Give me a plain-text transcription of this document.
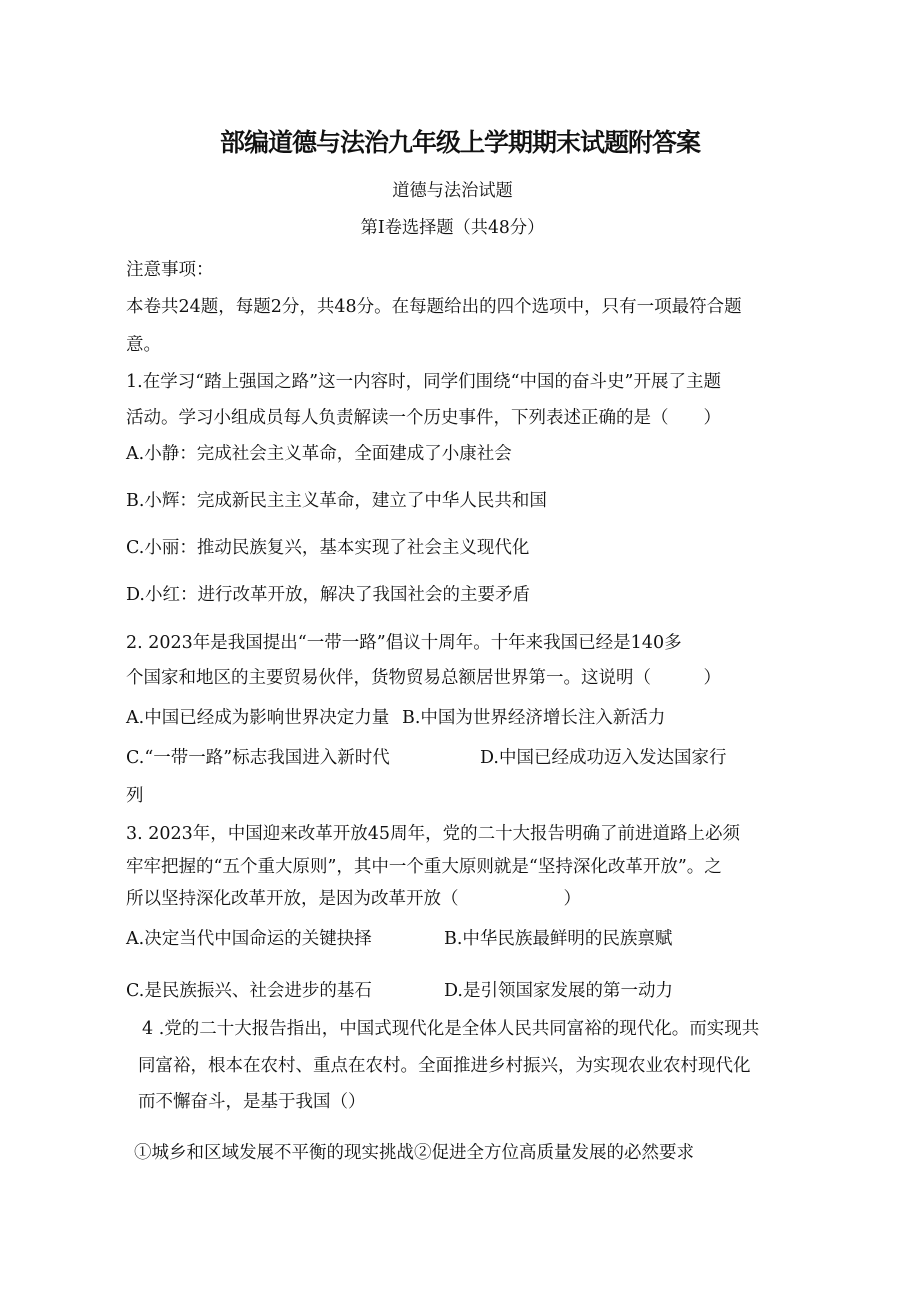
部编道德与法治九年级上学期期末试题附答案
道德与法治试题
第Ⅰ卷选择题（共48分）
注意事项：
本卷共24题，每题2分，共48分。在每题给出的四个选项中，只有一项最符合题
意。
1.在学习“踏上强国之路”这一内容时，同学们围绕“中国的奋斗史”开展了主题
活动。学习小组成员每人负责解读一个历史事件，下列表述正确的是（　　）
A.小静：完成社会主义革命，全面建成了小康社会
B.小辉：完成新民主主义革命，建立了中华人民共和国
C.小丽：推动民族复兴，基本实现了社会主义现代化
D.小红：进行改革开放，解决了我国社会的主要矛盾
2. 2023年是我国提出“一带一路”倡议十周年。十年来我国已经是140多
个国家和地区的主要贸易伙伴，货物贸易总额居世界第一。这说明（　　　）
A.中国已经成为影响世界决定力量 B.中国为世界经济增长注入新活力
C.“一带一路”标志我国进入新时代	D.中国已经成功迈入发达国家行
列
3. 2023年，中国迎来改革开放45周年，党的二十大报告明确了前进道路上必须
牢牢把握的“五个重大原则”，其中一个重大原则就是“坚持深化改革开放”。之
所以坚持深化改革开放，是因为改革开放（　　　　　　）
A.决定当代中国命运的关键抉择	B.中华民族最鲜明的民族禀赋
C.是民族振兴、社会进步的基石	D.是引领国家发展的第一动力
4 .党的二十大报告指出，中国式现代化是全体人民共同富裕的现代化。而实现共
同富裕，根本在农村、重点在农村。全面推进乡村振兴，为实现农业农村现代化
而不懈奋斗，是基于我国（）
①城乡和区域发展不平衡的现实挑战②促进全方位高质量发展的必然要求
